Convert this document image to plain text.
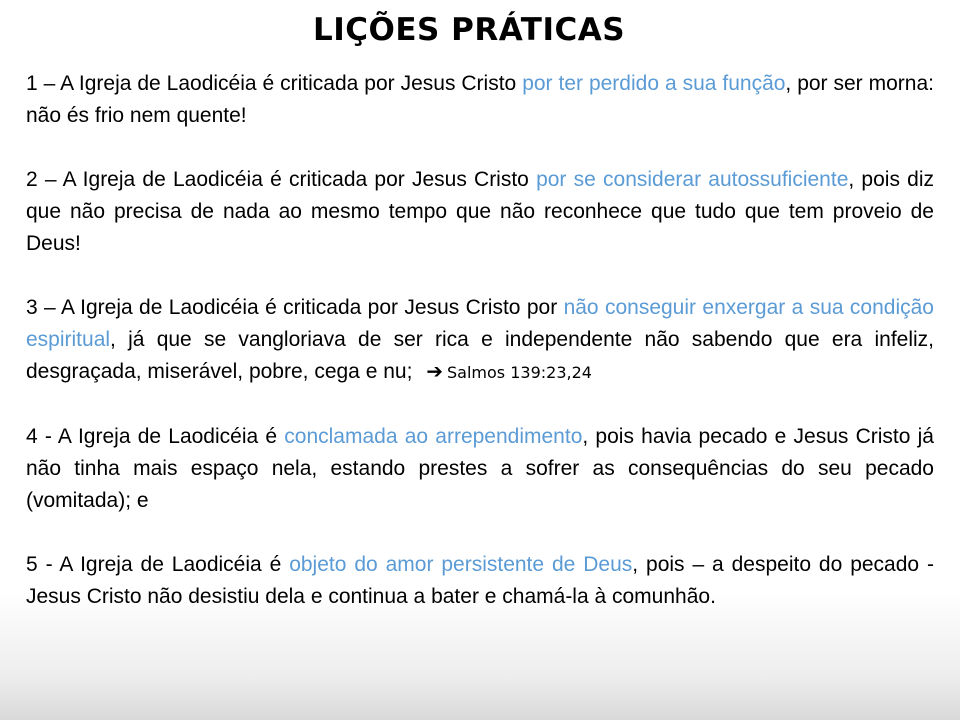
LIÇÕES PRÁTICAS

1 – A Igreja de Laodicéia é criticada por Jesus Cristo por ter perdido a sua função, por ser morna: não és frio nem quente!

2 – A Igreja de Laodicéia é criticada por Jesus Cristo por se considerar autossuficiente, pois diz que não precisa de nada ao mesmo tempo que não reconhece que tudo que tem proveio de Deus!

3 – A Igreja de Laodicéia é criticada por Jesus Cristo por não conseguir enxergar a sua condição espiritual, já que se vangloriava de ser rica e independente não sabendo que era infeliz, desgraçada, miserável, pobre, cega e nu; ➔ Salmos 139:23,24

4 - A Igreja de Laodicéia é conclamada ao arrependimento, pois havia pecado e Jesus Cristo já não tinha mais espaço nela, estando prestes a sofrer as consequências do seu pecado (vomitada); e

5 - A Igreja de Laodicéia é objeto do amor persistente de Deus, pois – a despeito do pecado - Jesus Cristo não desistiu dela e continua a bater e chamá-la à comunhão.
